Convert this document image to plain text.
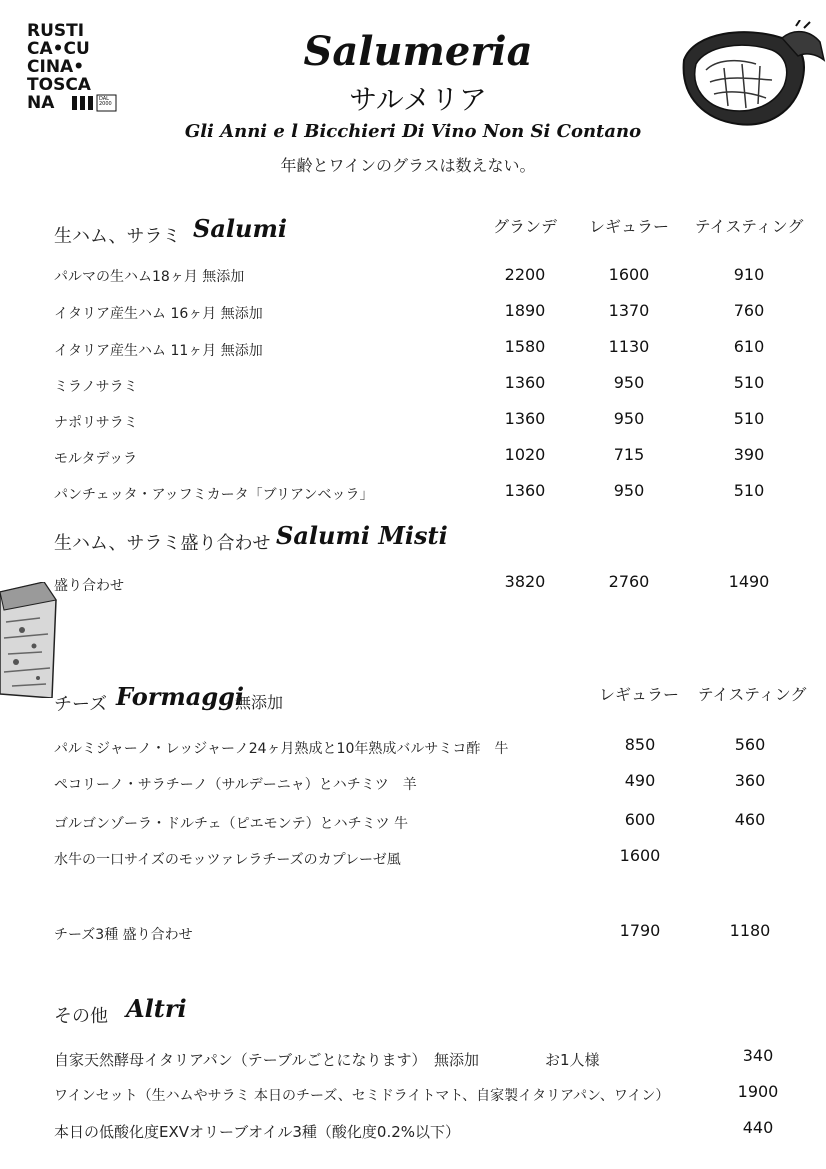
RUSTI
CA•CU
CINA•
TOSCA
NA	DAL 2000
Salumeria
サルメリア
Gli Anni e l Bicchieri Di Vino Non Si Contano
年齢とワインのグラスは数えない。
生ハム、サラミ Salumi	グランデ	レギュラー	テイスティング
パルマの生ハム18ヶ月 無添加	2200	1600	910
イタリア産生ハム 16ヶ月 無添加	1890	1370	760
イタリア産生ハム 11ヶ月 無添加	1580	1130	610
ミラノサラミ	1360	950	510
ナポリサラミ	1360	950	510
モルタデッラ	1020	715	390
パンチェッタ・アッフミカータ「ブリアンベッラ」	1360	950	510
生ハム、サラミ盛り合わせ Salumi Misti
盛り合わせ	3820	2760	1490
チーズ Formaggi
無添加	レギュラー	テイスティング
パルミジャーノ・レッジャーノ24ヶ月熟成と10年熟成バルサミコ酢　牛	850	560
ペコリーノ・サラチーノ（サルデーニャ）とハチミツ　羊	490	360
ゴルゴンゾーラ・ドルチェ（ピエモンテ）とハチミツ 牛	600	460
水牛の一口サイズのモッツァレラチーズのカプレーゼ風	1600
チーズ3種 盛り合わせ	1790	1180
その他 Altri
自家天然酵母イタリアパン（テーブルごとになります）　無添加	お1人様	340
ワインセット（生ハムやサラミ 本日のチーズ、セミドライトマト、自家製イタリアパン、ワイン）	1900
本日の低酸化度EXVオリーブオイル3種（酸化度0.2%以下）	440
